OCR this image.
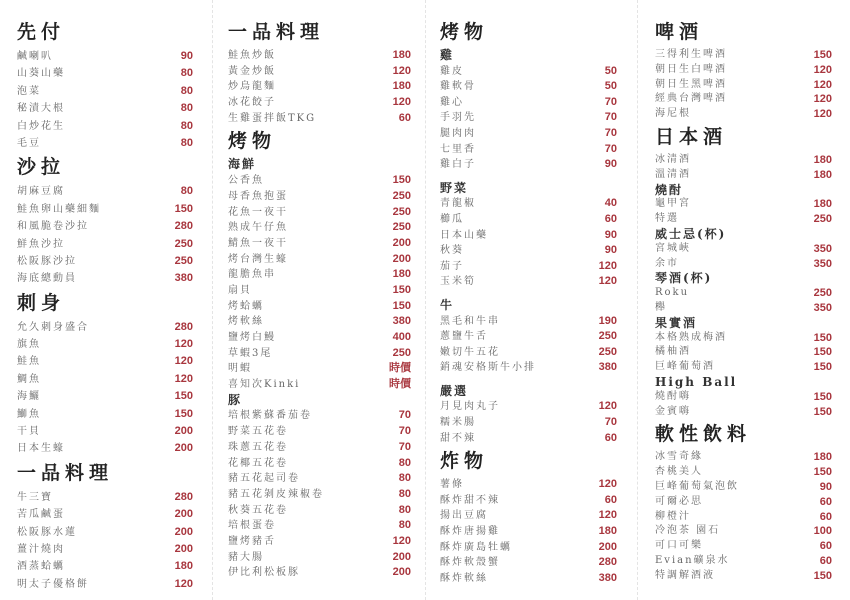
先付
鹹喇叭	90
山葵山藥	80
泡菜	80
秘漬大根	80
白炒花生	80
毛豆	80
沙拉
胡麻豆腐	80
鮭魚卵山藥細麵	150
和風脆卷沙拉	280
鮮魚沙拉	250
松阪豚沙拉	250
海底總動員	380
刺身
允久刺身盛合	280
旗魚	120
鮭魚	120
鯛魚	120
海鱺	150
鰤魚	150
干貝	200
日本生蠔	200
一品料理
牛三寶	280
苦瓜鹹蛋	200
松阪豚水蓮	200
薑汁燒肉	200
酒蒸蛤蠣	180
明太子優格餅	120
一品料理
鮭魚炒飯	180
黃金炒飯	120
炒烏龍麵	180
冰花餃子	120
生雞蛋拌飯TKG	60
烤物
海鮮
公香魚	150
母香魚抱蛋	250
花魚一夜干	250
熟成午仔魚	250
鯖魚一夜干	200
烤台灣生蠔	200
龍膽魚串	180
扇貝	150
烤蛤蠣	150
烤軟絲	380
鹽烤白鰻	400
草蝦3尾	250
明蝦	時價
喜知次Kinki	時價
豚
培根紫蘇番茄卷	70
野菜五花卷	70
珠蔥五花卷	70
花椰五花卷	80
豬五花起司卷	80
豬五花剝皮辣椒卷	80
秋葵五花卷	80
培根蛋卷	80
鹽烤豬舌	120
豬大腸	200
伊比利松板豚	200
烤物
雞
雞皮	50
雞軟骨	50
雞心	70
手羽先	70
腿肉肉	70
七里香	70
雞白子	90
野菜
青龍椒	40
櫛瓜	60
日本山藥	90
秋葵	90
茄子	120
玉米筍	120
牛
黑毛和牛串	190
蔥鹽牛舌	250
嫩切牛五花	250
銷魂安格斯牛小排	380
嚴選
月見肉丸子	120
糯米腸	70
甜不辣	60
炸物
薯條	120
酥炸甜不辣	60
揚出豆腐	120
酥炸唐揚雞	180
酥炸廣島牡蠣	200
酥炸軟殼蟹	280
酥炸軟絲	380
啤酒
三得利生啤酒	150
朝日生白啤酒	120
朝日生黑啤酒	120
經典台灣啤酒	120
海尼根	120
日本酒
冰清酒	180
溫清酒	180
燒酎
龜甲宮	180
特選	250
威士忌(杯)
宮城峽	350
余市	350
琴酒(杯)
Roku	250
櫸	350
果實酒
本格熟成梅酒	150
橘柚酒	150
巨峰葡萄酒	150
High Ball
燒酎嗨	150
金賓嗨	150
軟性飲料
冰雪奇緣	180
杏桃美人	150
巨峰葡萄氣泡飲	90
可爾必思	60
柳橙汁	60
冷泡茶 園石	100
可口可樂	60
Evian礦泉水	60
特調解酒液	150
